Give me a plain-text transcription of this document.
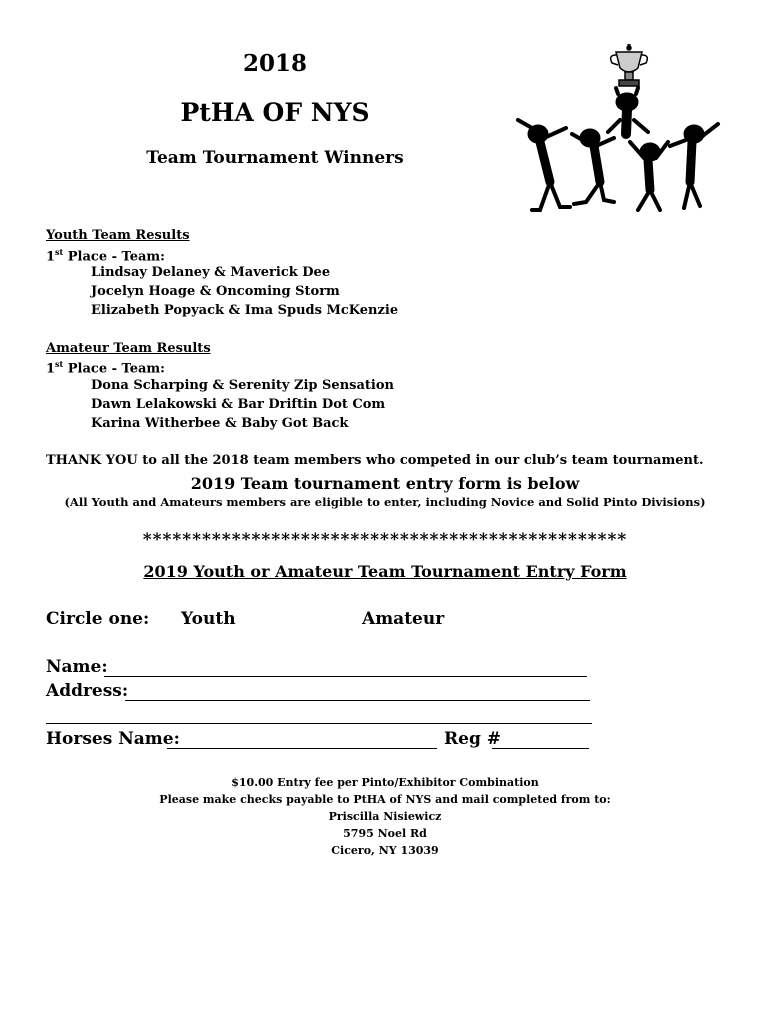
2018
PtHA OF NYS
Team Tournament Winners
Youth Team Results
1st Place - Team:
Lindsay Delaney & Maverick Dee
Jocelyn Hoage & Oncoming Storm
Elizabeth Popyack & Ima Spuds McKenzie
Amateur Team Results
1st Place - Team:
Dona Scharping & Serenity Zip Sensation
Dawn Lelakowski & Bar Driftin Dot Com
Karina Witherbee & Baby Got Back
THANK YOU to all the 2018 team members who competed in our club’s team tournament.
2019 Team tournament entry form is below
(All Youth and Amateurs members are eligible to enter, including Novice and Solid Pinto Divisions)
*************************************************
2019 Youth or Amateur Team Tournament Entry Form
Circle one: Youth	Amateur
Name:
Address:
Horses Name:	Reg #
$10.00 Entry fee per Pinto/Exhibitor Combination
Please make checks payable to PtHA of NYS and mail completed from to:
Priscilla Nisiewicz
5795 Noel Rd
Cicero, NY 13039
